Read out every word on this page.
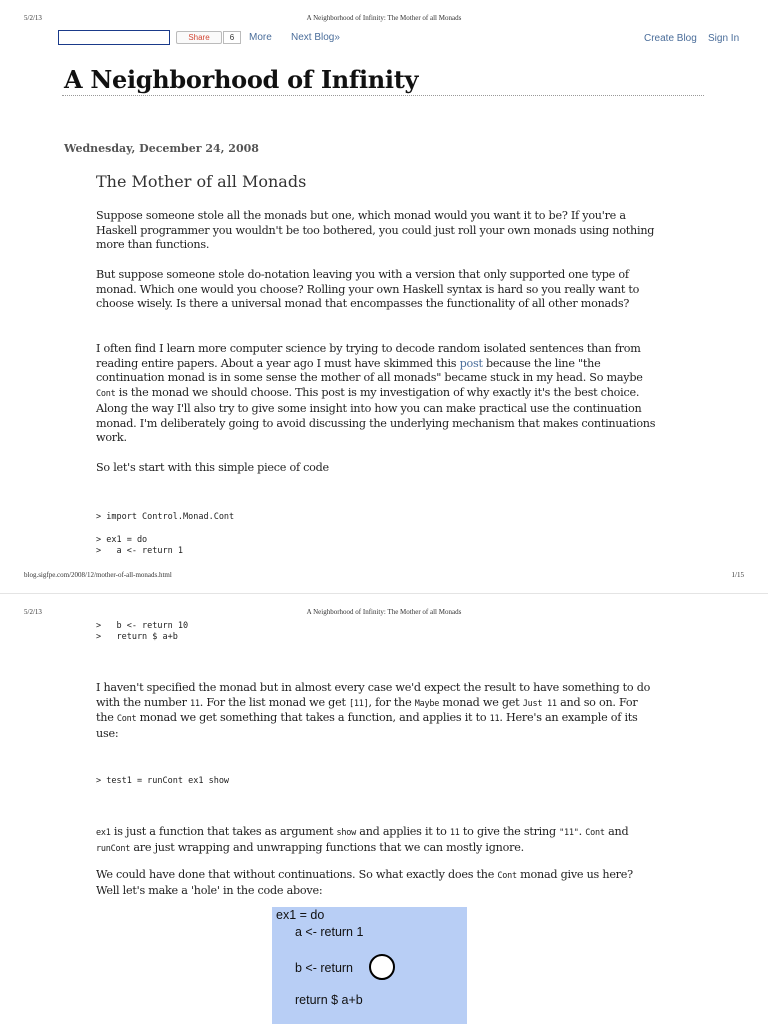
5/2/13	A Neighborhood of Infinity: The Mother of all Monads
Share	6	More Next Blog»	Create Blog Sign In
A Neighborhood of Infinity
Wednesday, December 24, 2008
The Mother of all Monads
Suppose someone stole all the monads but one, which monad would you want it to be? If you're a Haskell programmer you wouldn't be too bothered, you could just roll your own monads using nothing more than functions.
But suppose someone stole do-notation leaving you with a version that only supported one type of monad. Which one would you choose? Rolling your own Haskell syntax is hard so you really want to choose wisely. Is there a universal monad that encompasses the functionality of all other monads?
I often find I learn more computer science by trying to decode random isolated sentences than from reading entire papers. About a year ago I must have skimmed this post because the line "the continuation monad is in some sense the mother of all monads" became stuck in my head. So maybe Cont is the monad we should choose. This post is my investigation of why exactly it's the best choice. Along the way I'll also try to give some insight into how you can make practical use the continuation monad. I'm deliberately going to avoid discussing the underlying mechanism that makes continuations work.
So let's start with this simple piece of code
> import Control.Monad.Cont
> ex1 = do
>   a <- return 1
blog.sigfpe.com/2008/12/mother-of-all-monads.html	1/15
5/2/13	A Neighborhood of Infinity: The Mother of all Monads
>   b <- return 10
>   return $ a+b
I haven't specified the monad but in almost every case we'd expect the result to have something to do with the number 11. For the list monad we get [11], for the Maybe monad we get Just 11 and so on. For the Cont monad we get something that takes a function, and applies it to 11. Here's an example of its use:
> test1 = runCont ex1 show
ex1 is just a function that takes as argument show and applies it to 11 to give the string "11". Cont and runCont are just wrapping and unwrapping functions that we can mostly ignore.
We could have done that without continuations. So what exactly does the Cont monad give us here? Well let's make a 'hole' in the code above:
ex1 = do
a <- return 1
b <- return
return $ a+b
